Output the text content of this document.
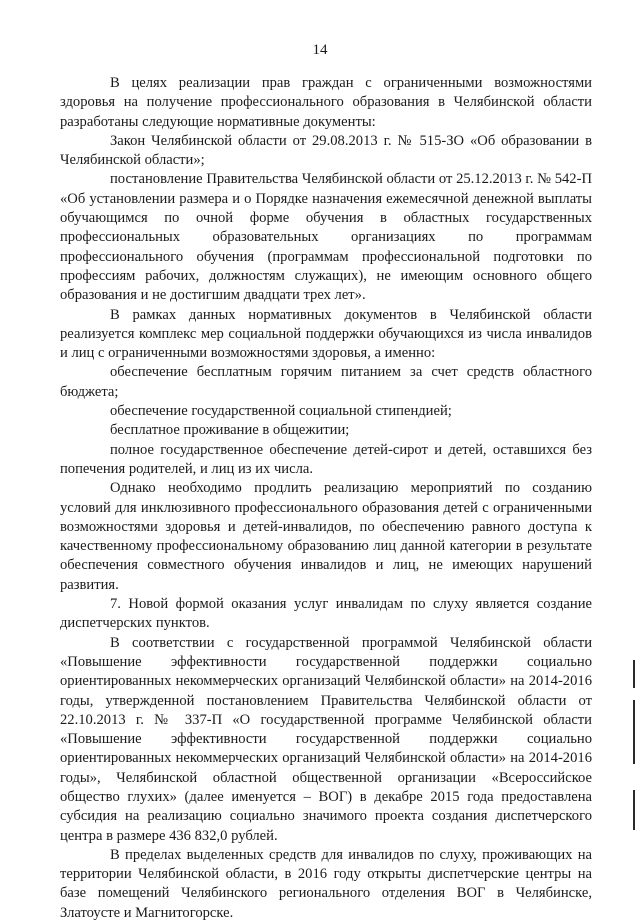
14

В целях реализации прав граждан с ограниченными возможностями здоровья на получение профессионального образования в Челябинской области разработаны следующие нормативные документы:

Закон Челябинской области от 29.08.2013 г. № 515-ЗО «Об образовании в Челябинской области»;

постановление Правительства Челябинской области от 25.12.2013 г. № 542-П «Об установлении размера и о Порядке назначения ежемесячной денежной выплаты обучающимся по очной форме обучения в областных государственных профессиональных образовательных организациях по программам профессионального обучения (программам профессиональной подготовки по профессиям рабочих, должностям служащих), не имеющим основного общего образования и не достигшим двадцати трех лет».

В рамках данных нормативных документов в Челябинской области реализуется комплекс мер социальной поддержки обучающихся из числа инвалидов и лиц с ограниченными возможностями здоровья, а именно:

обеспечение бесплатным горячим питанием за счет средств областного бюджета;

обеспечение государственной социальной стипендией;

бесплатное проживание в общежитии;

полное государственное обеспечение детей-сирот и детей, оставшихся без попечения родителей, и лиц из их числа.

Однако необходимо продлить реализацию мероприятий по созданию условий для инклюзивного профессионального образования детей с ограниченными возможностями здоровья и детей-инвалидов, по обеспечению равного доступа к качественному профессиональному образованию лиц данной категории в результате обеспечения совместного обучения инвалидов и лиц, не имеющих нарушений развития.

7. Новой формой оказания услуг инвалидам по слуху является создание диспетчерских пунктов.

В соответствии с государственной программой Челябинской области «Повышение эффективности государственной поддержки социально ориентированных некоммерческих организаций Челябинской области» на 2014-2016 годы, утвержденной постановлением Правительства Челябинской области от 22.10.2013 г. № 337-П «О государственной программе Челябинской области «Повышение эффективности государственной поддержки социально ориентированных некоммерческих организаций Челябинской области» на 2014-2016 годы», Челябинской областной общественной организации «Всероссийское общество глухих» (далее именуется – ВОГ) в декабре 2015 года предоставлена субсидия на реализацию социально значимого проекта создания диспетчерского центра в размере 436 832,0 рублей.

В пределах выделенных средств для инвалидов по слуху, проживающих на территории Челябинской области, в 2016 году открыты диспетчерские центры на базе помещений Челябинского регионального отделения ВОГ в Челябинске, Златоусте и Магнитогорске.
